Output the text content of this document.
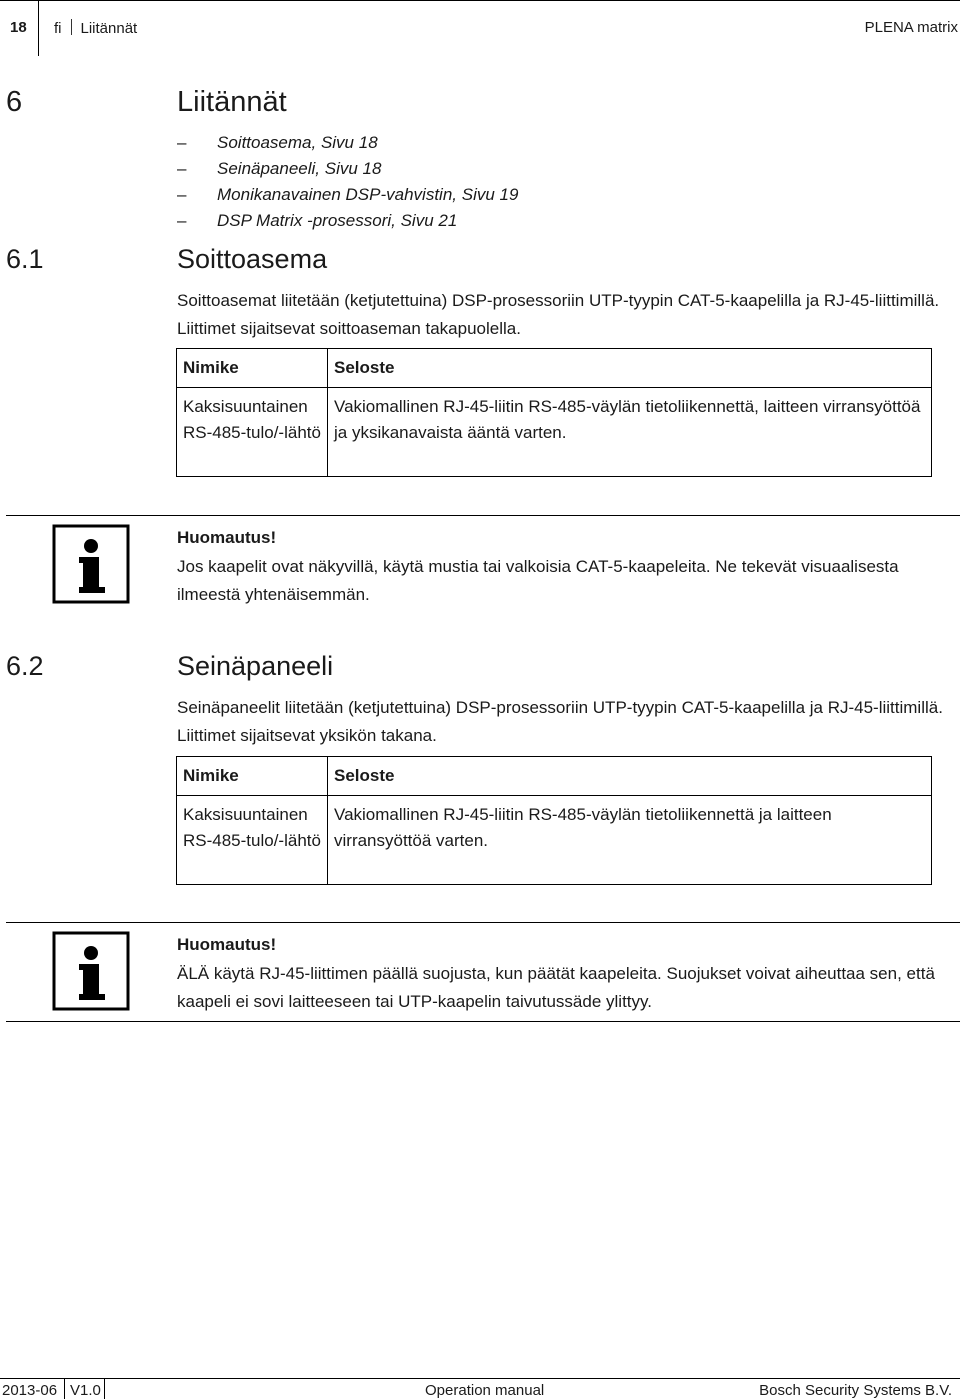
18 fi Liitännät	PLENA matrix
6	Liitännät
– Soittoasema, Sivu 18
– Seinäpaneeli, Sivu 18
– Monikanavainen DSP-vahvistin, Sivu 19
– DSP Matrix -prosessori, Sivu 21
6.1	Soittoasema
Soittoasemat liitetään (ketjutettuina) DSP-prosessoriin UTP-tyypin CAT-5-kaapelilla ja RJ-45-liittimillä. Liittimet sijaitsevat soittoaseman takapuolella.
Nimike	Seloste
Kaksisuuntainen RS-485-tulo/-lähtö	Vakiomallinen RJ-45-liitin RS-485-väylän tietoliikennettä, laitteen virransyöttöä ja yksikanavaista ääntä varten.
Huomautus!
Jos kaapelit ovat näkyvillä, käytä mustia tai valkoisia CAT-5-kaapeleita. Ne tekevät visuaalisesta ilmeestä yhtenäisemmän.
6.2	Seinäpaneeli
Seinäpaneelit liitetään (ketjutettuina) DSP-prosessoriin UTP-tyypin CAT-5-kaapelilla ja RJ-45-liittimillä. Liittimet sijaitsevat yksikön takana.
Nimike	Seloste
Kaksisuuntainen RS-485-tulo/-lähtö	Vakiomallinen RJ-45-liitin RS-485-väylän tietoliikennettä ja laitteen virransyöttöä varten.
Huomautus!
ÄLÄ käytä RJ-45-liittimen päällä suojusta, kun päätät kaapeleita. Suojukset voivat aiheuttaa sen, että kaapeli ei sovi laitteeseen tai UTP-kaapelin taivutussäde ylittyy.
2013-06 V1.0	Operation manual	Bosch Security Systems B.V.
